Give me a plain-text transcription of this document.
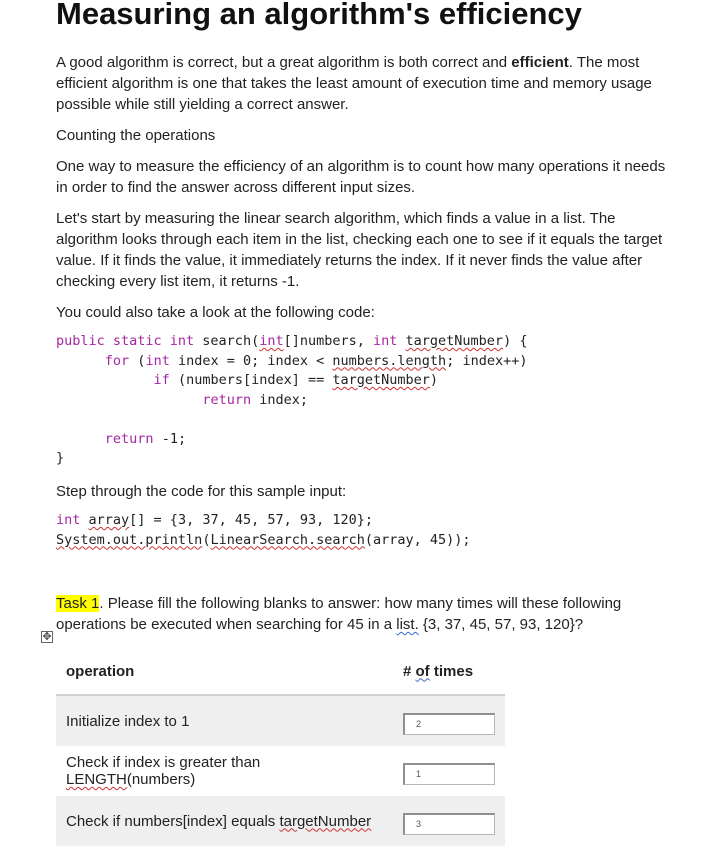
Measuring an algorithm's efficiency

A good algorithm is correct, but a great algorithm is both correct and efficient. The most efficient algorithm is one that takes the least amount of execution time and memory usage possible while still yielding a correct answer.

Counting the operations

One way to measure the efficiency of an algorithm is to count how many operations it needs in order to find the answer across different input sizes.

Let's start by measuring the linear search algorithm, which finds a value in a list. The algorithm looks through each item in the list, checking each one to see if it equals the target value. If it finds the value, it immediately returns the index. If it never finds the value after checking every list item, it returns -1.

You could also take a look at the following code:

public static int search(int[]numbers, int targetNumber) {
for (int index = 0; index < numbers.length; index++)
if (numbers[index] == targetNumber)
return index;

return -1;
}

Step through the code for this sample input:

int array[] = {3, 37, 45, 57, 93, 120};
System.out.println(LinearSearch.search(array, 45));

Task 1. Please fill the following blanks to answer: how many times will these following operations be executed when searching for 45 in a list. {3, 37, 45, 57, 93, 120}?

✥
operation	# of times
Initialize index to 1	2
Check if index is greater than LENGTH(numbers)	1
Check if numbers[index] equals targetNumber	3
